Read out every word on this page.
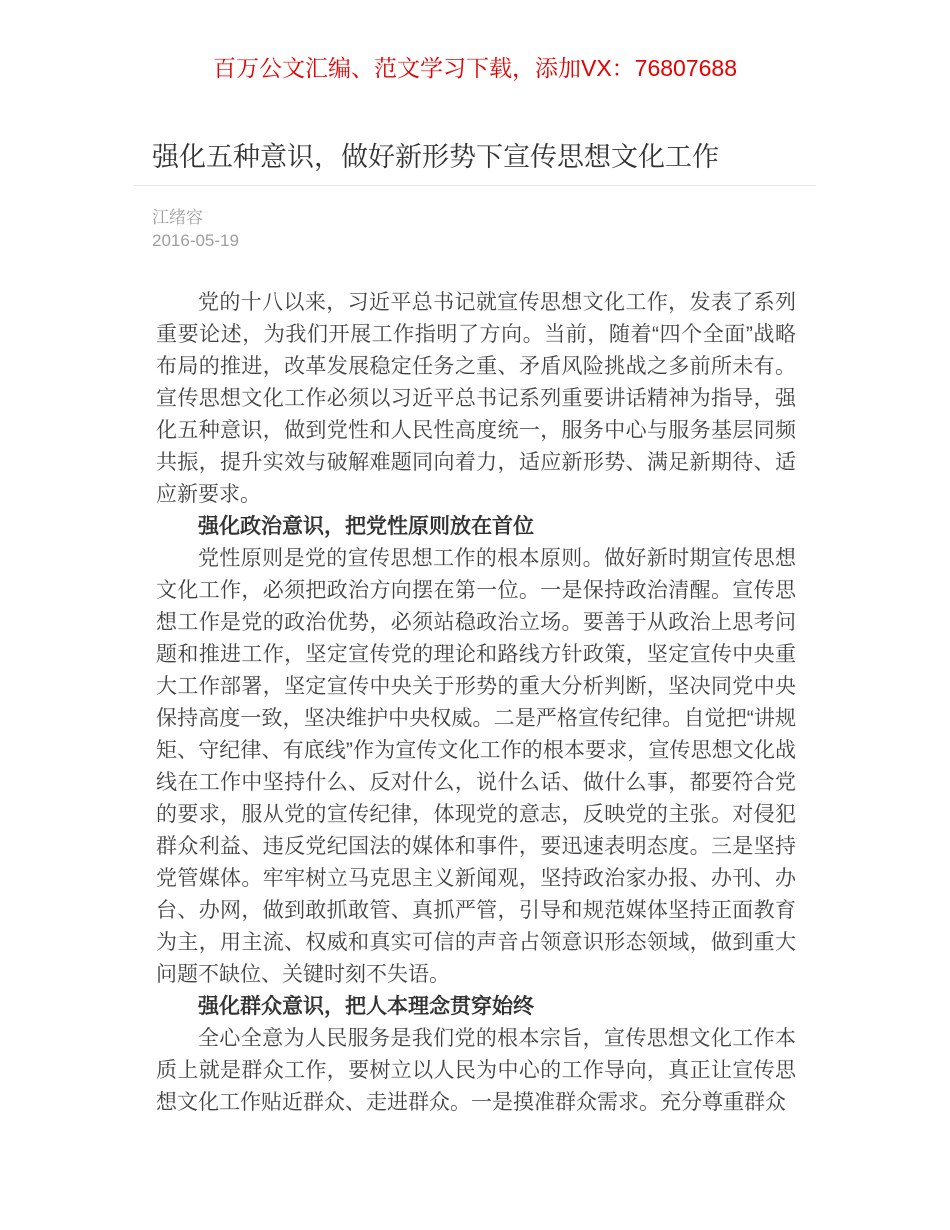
百万公文汇编、范文学习下载，添加VX：76807688
强化五种意识，做好新形势下宣传思想文化工作
江绪容
2016-05-19

党的十八以来，习近平总书记就宣传思想文化工作，发表了系列重要论述，为我们开展工作指明了方向。当前，随着“四个全面”战略布局的推进，改革发展稳定任务之重、矛盾风险挑战之多前所未有。宣传思想文化工作必须以习近平总书记系列重要讲话精神为指导，强化五种意识，做到党性和人民性高度统一，服务中心与服务基层同频共振，提升实效与破解难题同向着力，适应新形势、满足新期待、适应新要求。

强化政治意识，把党性原则放在首位

党性原则是党的宣传思想工作的根本原则。做好新时期宣传思想文化工作，必须把政治方向摆在第一位。一是保持政治清醒。宣传思想工作是党的政治优势，必须站稳政治立场。要善于从政治上思考问题和推进工作，坚定宣传党的理论和路线方针政策，坚定宣传中央重大工作部署，坚定宣传中央关于形势的重大分析判断，坚决同党中央保持高度一致，坚决维护中央权威。二是严格宣传纪律。自觉把“讲规矩、守纪律、有底线”作为宣传文化工作的根本要求，宣传思想文化战线在工作中坚持什么、反对什么，说什么话、做什么事，都要符合党的要求，服从党的宣传纪律，体现党的意志，反映党的主张。对侵犯群众利益、违反党纪国法的媒体和事件，要迅速表明态度。三是坚持党管媒体。牢牢树立马克思主义新闻观，坚持政治家办报、办刊、办台、办网，做到敢抓敢管、真抓严管，引导和规范媒体坚持正面教育为主，用主流、权威和真实可信的声音占领意识形态领域，做到重大问题不缺位、关键时刻不失语。

强化群众意识，把人本理念贯穿始终

全心全意为人民服务是我们党的根本宗旨，宣传思想文化工作本质上就是群众工作，要树立以人民为中心的工作导向，真正让宣传思想文化工作贴近群众、走进群众。一是摸准群众需求。充分尊重群众
